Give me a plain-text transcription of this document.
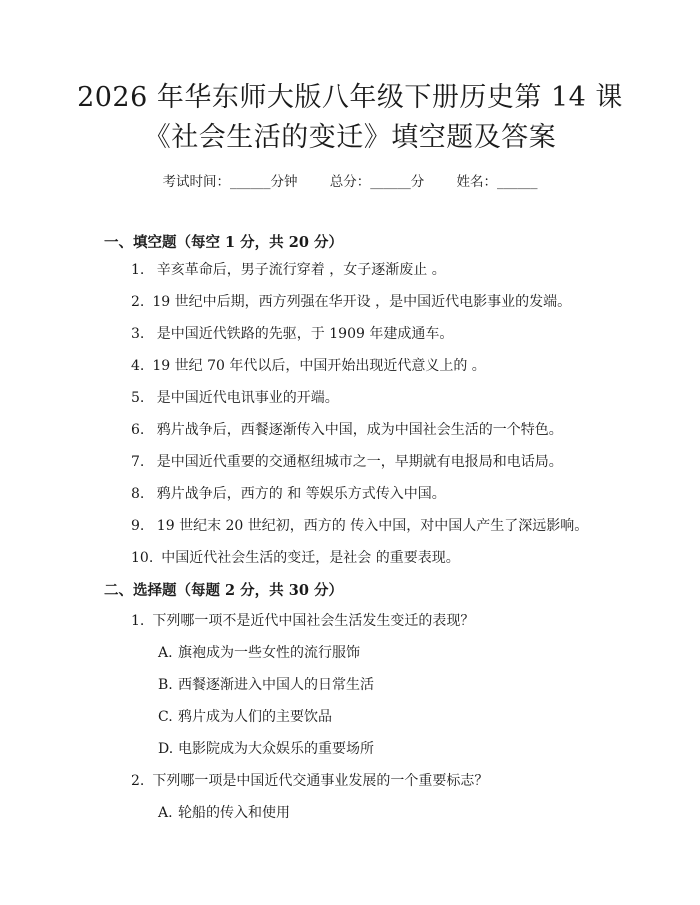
2026 年华东师大版八年级下册历史第 14 课
《社会生活的变迁》填空题及答案
考试时间：______分钟 总分：______分 姓名：______
一、填空题（每空 1 分，共 20 分）
1. 辛亥革命后，男子流行穿着 ，女子逐渐废止 。
2. 19 世纪中后期，西方列强在华开设 ，是中国近代电影事业的发端。
3. 是中国近代铁路的先驱，于 1909 年建成通车。
4. 19 世纪 70 年代以后，中国开始出现近代意义上的 。
5. 是中国近代电讯事业的开端。
6. 鸦片战争后，西餐逐渐传入中国，成为中国社会生活的一个特色。
7. 是中国近代重要的交通枢纽城市之一，早期就有电报局和电话局。
8. 鸦片战争后，西方的 和 等娱乐方式传入中国。
9. 19 世纪末 20 世纪初，西方的 传入中国，对中国人产生了深远影响。
10. 中国近代社会生活的变迁，是社会 的重要表现。
二、选择题（每题 2 分，共 30 分）
1. 下列哪一项不是近代中国社会生活发生变迁的表现？
A. 旗袍成为一些女性的流行服饰
B. 西餐逐渐进入中国人的日常生活
C. 鸦片成为人们的主要饮品
D. 电影院成为大众娱乐的重要场所
2. 下列哪一项是中国近代交通事业发展的一个重要标志？
A. 轮船的传入和使用
